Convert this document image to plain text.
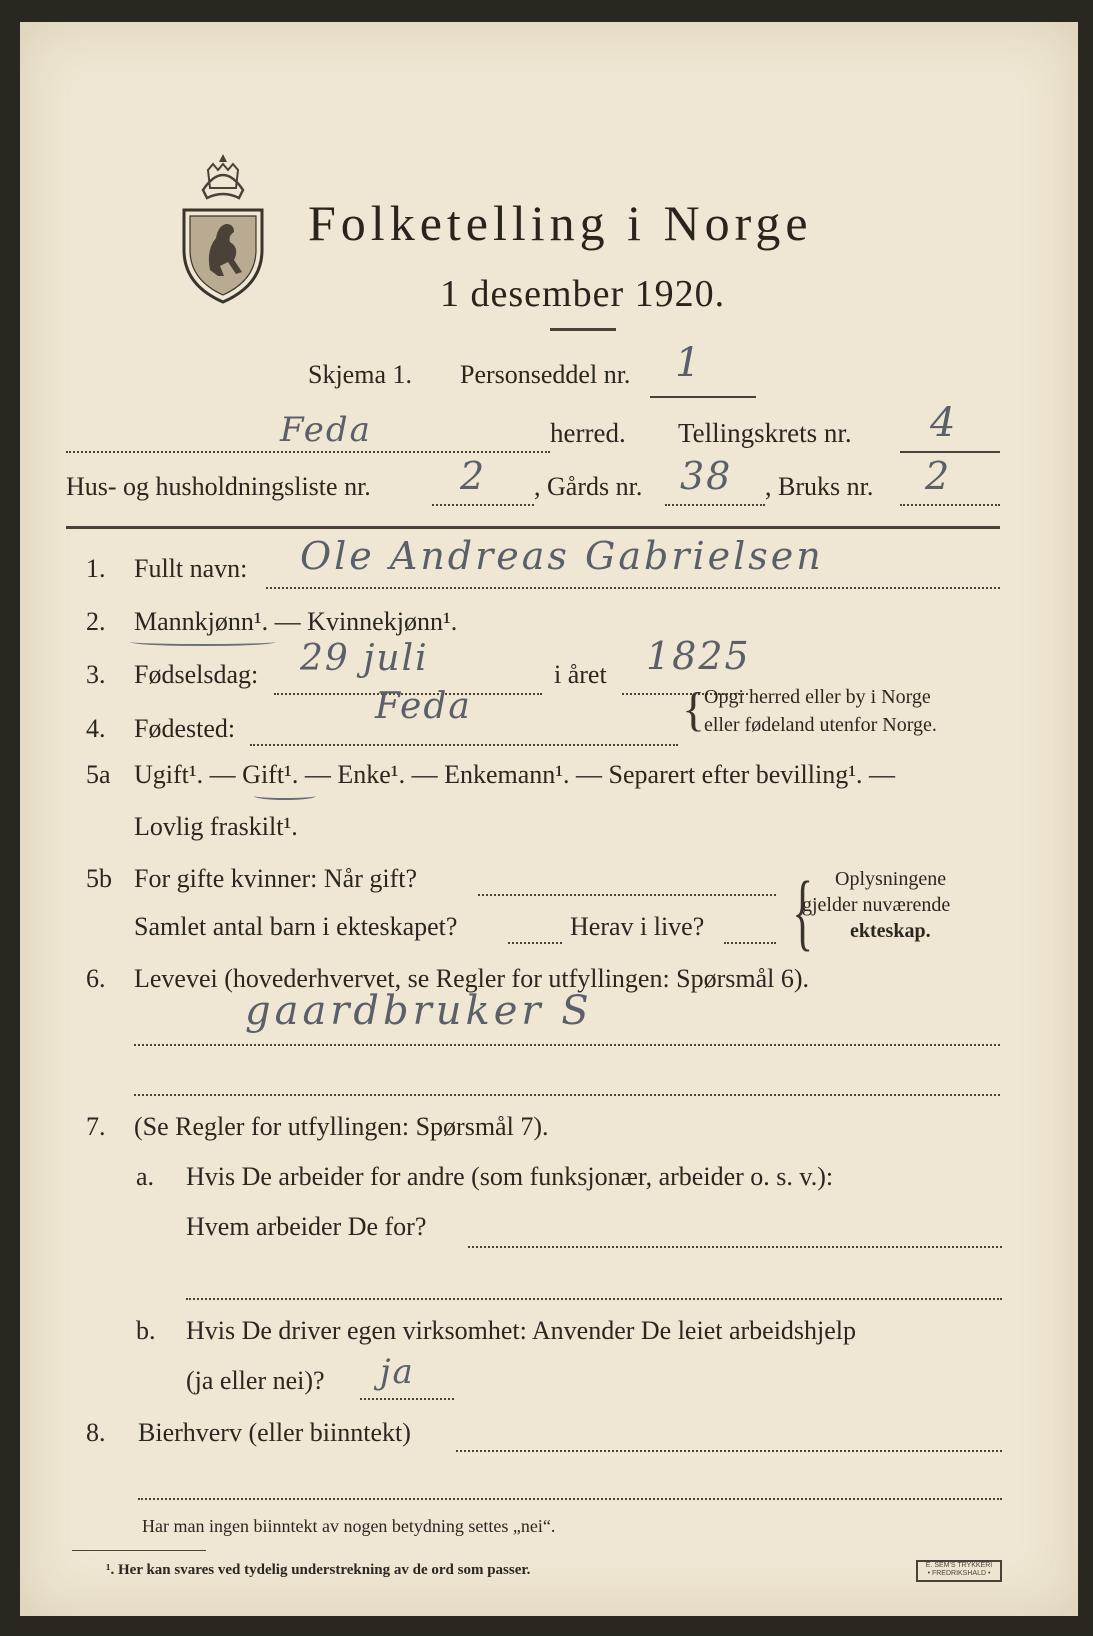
Folketelling i Norge
1 desember 1920.
Skjema 1. Personseddel nr. 1
Feda	herred. Tellingskrets nr. 4
Hus- og husholdningsliste nr. 2 , Gårds nr. 38 , Bruks nr. 2
1. Fullt navn: Ole Andreas Gabrielsen
2. Mannkjønn¹. — Kvinnekjønn¹.
3. Fødselsdag: 29 juli	i året 1825
4. Fødested:
Feda	{
Opgi herred eller by i Norge
eller fødeland utenfor Norge.
5a Ugift¹. — Gift¹. — Enke¹. — Enkemann¹. — Separert efter bevilling¹. —
Lovlig fraskilt¹.
5b For gifte kvinner: Når gift?
Samlet antal barn i ekteskapet?	Herav i live? { Oplysningene
gjelder nuværende
ekteskap.
6. Levevei (hovederhvervet, se Regler for utfyllingen: Spørsmål 6).
gaardbruker S
7. (Se Regler for utfyllingen: Spørsmål 7).
a. Hvis De arbeider for andre (som funksjonær, arbeider o. s. v.):
Hvem arbeider De for?
b. Hvis De driver egen virksomhet: Anvender De leiet arbeidshjelp
(ja eller nei)? ja
8. Bierhverv (eller biinntekt)
Har man ingen biinntekt av nogen betydning settes „nei“.
¹. Her kan svares ved tydelig understrekning av de ord som passer.	E. SEM'S TRYKKERI
• FREDRIKSHALD •
